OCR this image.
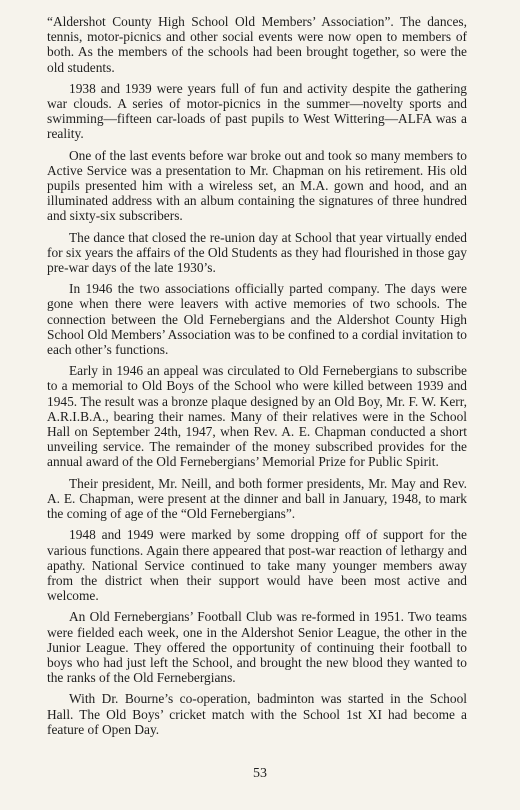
“Aldershot County High School Old Members’ Association”. The dances, tennis, motor-picnics and other social events were now open to members of both. As the members of the schools had been brought together, so were the old students.

1938 and 1939 were years full of fun and activity despite the gathering war clouds. A series of motor-picnics in the summer—novelty sports and swimming—fifteen car-loads of past pupils to West Wittering—ALFA was a reality.

One of the last events before war broke out and took so many members to Active Service was a presentation to Mr. Chapman on his retirement. His old pupils presented him with a wireless set, an M.A. gown and hood, and an illuminated address with an album containing the signatures of three hundred and sixty-six subscribers.

The dance that closed the re-union day at School that year virtually ended for six years the affairs of the Old Students as they had flourished in those gay pre-war days of the late 1930’s.

In 1946 the two associations officially parted company. The days were gone when there were leavers with active memories of two schools. The connection between the Old Fernebergians and the Aldershot County High School Old Members’ Association was to be confined to a cordial invitation to each other’s functions.

Early in 1946 an appeal was circulated to Old Fernebergians to subscribe to a memorial to Old Boys of the School who were killed between 1939 and 1945. The result was a bronze plaque designed by an Old Boy, Mr. F. W. Kerr, A.R.I.B.A., bearing their names. Many of their relatives were in the School Hall on September 24th, 1947, when Rev. A. E. Chapman conducted a short unveiling service. The remainder of the money subscribed provides for the annual award of the Old Fernebergians’ Memorial Prize for Public Spirit.

Their president, Mr. Neill, and both former presidents, Mr. May and Rev. A. E. Chapman, were present at the dinner and ball in January, 1948, to mark the coming of age of the “Old Fernebergians”.

1948 and 1949 were marked by some dropping off of support for the various functions. Again there appeared that post-war reaction of lethargy and apathy. National Service continued to take many younger members away from the district when their support would have been most active and welcome.

An Old Fernebergians’ Football Club was re-formed in 1951. Two teams were fielded each week, one in the Aldershot Senior League, the other in the Junior League. They offered the opportunity of continuing their football to boys who had just left the School, and brought the new blood they wanted to the ranks of the Old Fernebergians.

With Dr. Bourne’s co-operation, badminton was started in the School Hall. The Old Boys’ cricket match with the School 1st XI had become a feature of Open Day.

53
